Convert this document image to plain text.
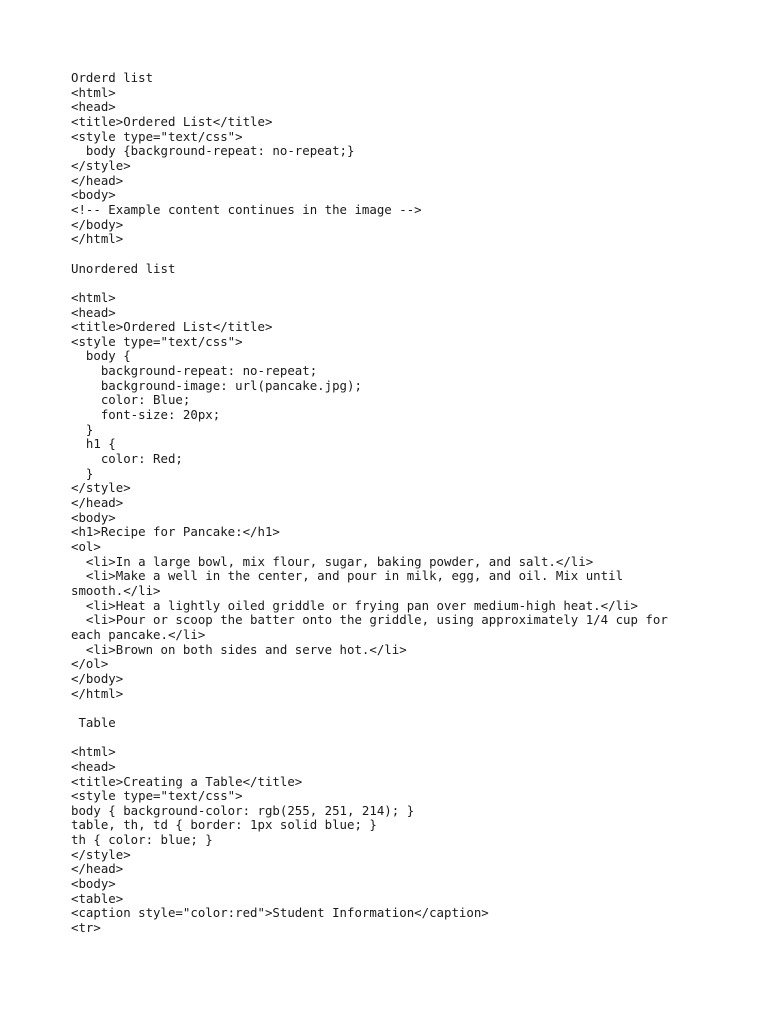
Orderd list
<html>
<head>
<title>Ordered List</title>
<style type="text/css">
body {background-repeat: no-repeat;}
</style>
</head>
<body>
<!-- Example content continues in the image -->
</body>
</html>
Unordered list
<html>
<head>
<title>Ordered List</title>
<style type="text/css">
body {
background-repeat: no-repeat;
background-image: url(pancake.jpg);
color: Blue;
font-size: 20px;
}
h1 {
color: Red;
}
</style>
</head>
<body>
<h1>Recipe for Pancake:</h1>
<ol>
<li>In a large bowl, mix flour, sugar, baking powder, and salt.</li>
<li>Make a well in the center, and pour in milk, egg, and oil. Mix until
smooth.</li>
<li>Heat a lightly oiled griddle or frying pan over medium-high heat.</li>
<li>Pour or scoop the batter onto the griddle, using approximately 1/4 cup for
each pancake.</li>
<li>Brown on both sides and serve hot.</li>
</ol>
</body>
</html>
Table
<html>
<head>
<title>Creating a Table</title>
<style type="text/css">
body { background-color: rgb(255, 251, 214); }
table, th, td { border: 1px solid blue; }
th { color: blue; }
</style>
</head>
<body>
<table>
<caption style="color:red">Student Information</caption>
<tr>
